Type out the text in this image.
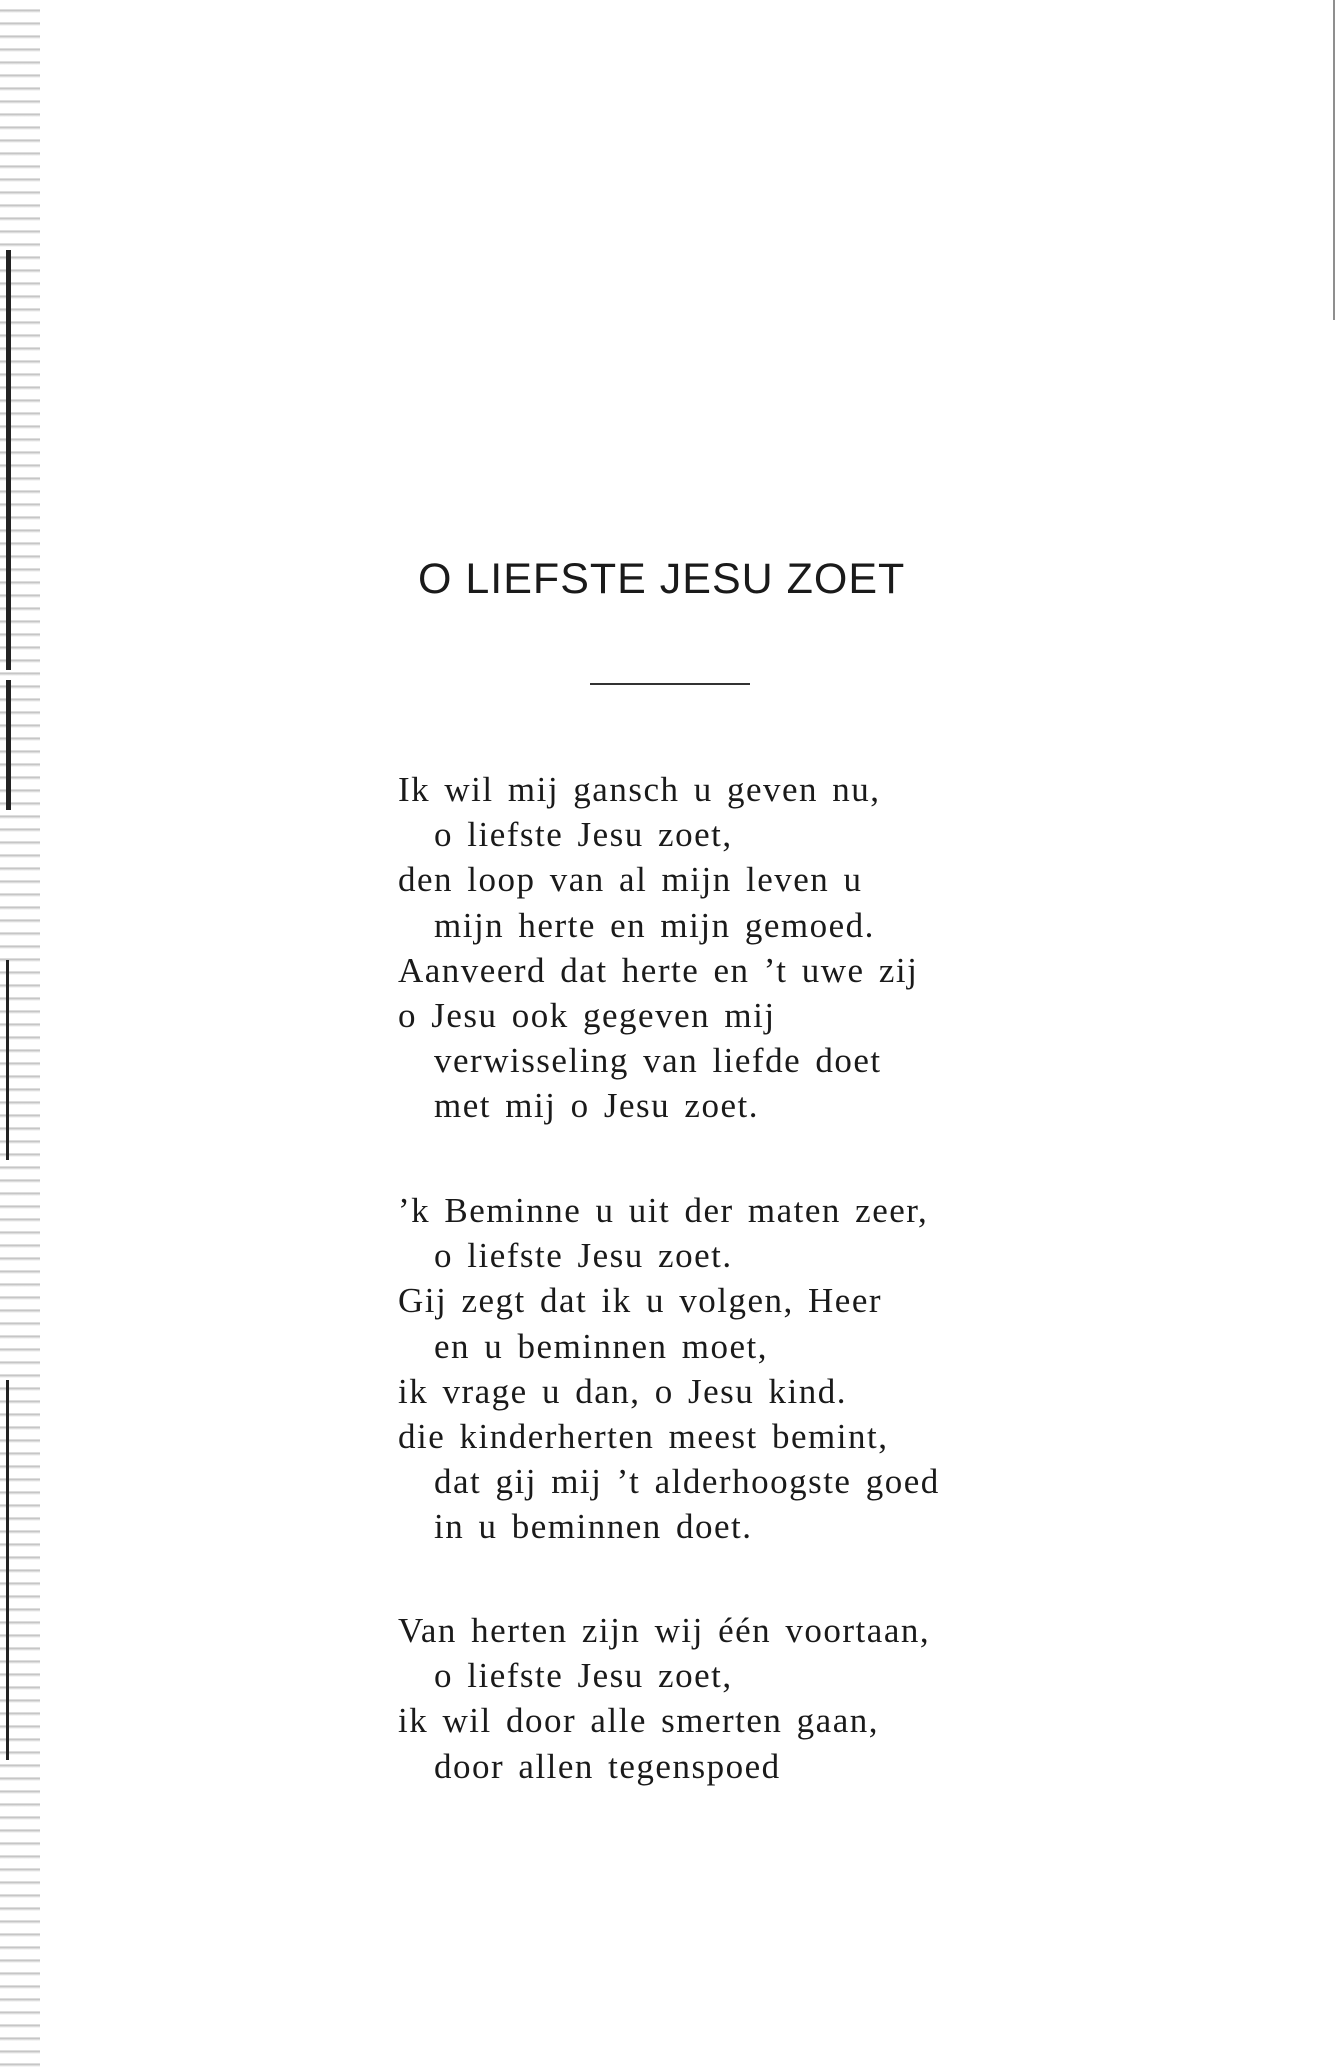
O LIEFSTE JESU ZOET
Ik wil mij gansch u geven nu,
o liefste Jesu zoet,
den loop van al mijn leven u
mijn herte en mijn gemoed.
Aanveerd dat herte en ’t uwe zij
o Jesu ook gegeven mij
verwisseling van liefde doet
met mij o Jesu zoet.
’k Beminne u uit der maten zeer,
o liefste Jesu zoet.
Gij zegt dat ik u volgen, Heer
en u beminnen moet,
ik vrage u dan, o Jesu kind.
die kinderherten meest bemint,
dat gij mij ’t alderhoogste goed
in u beminnen doet.
Van herten zijn wij één voortaan,
o liefste Jesu zoet,
ik wil door alle smerten gaan,
door allen tegenspoed
